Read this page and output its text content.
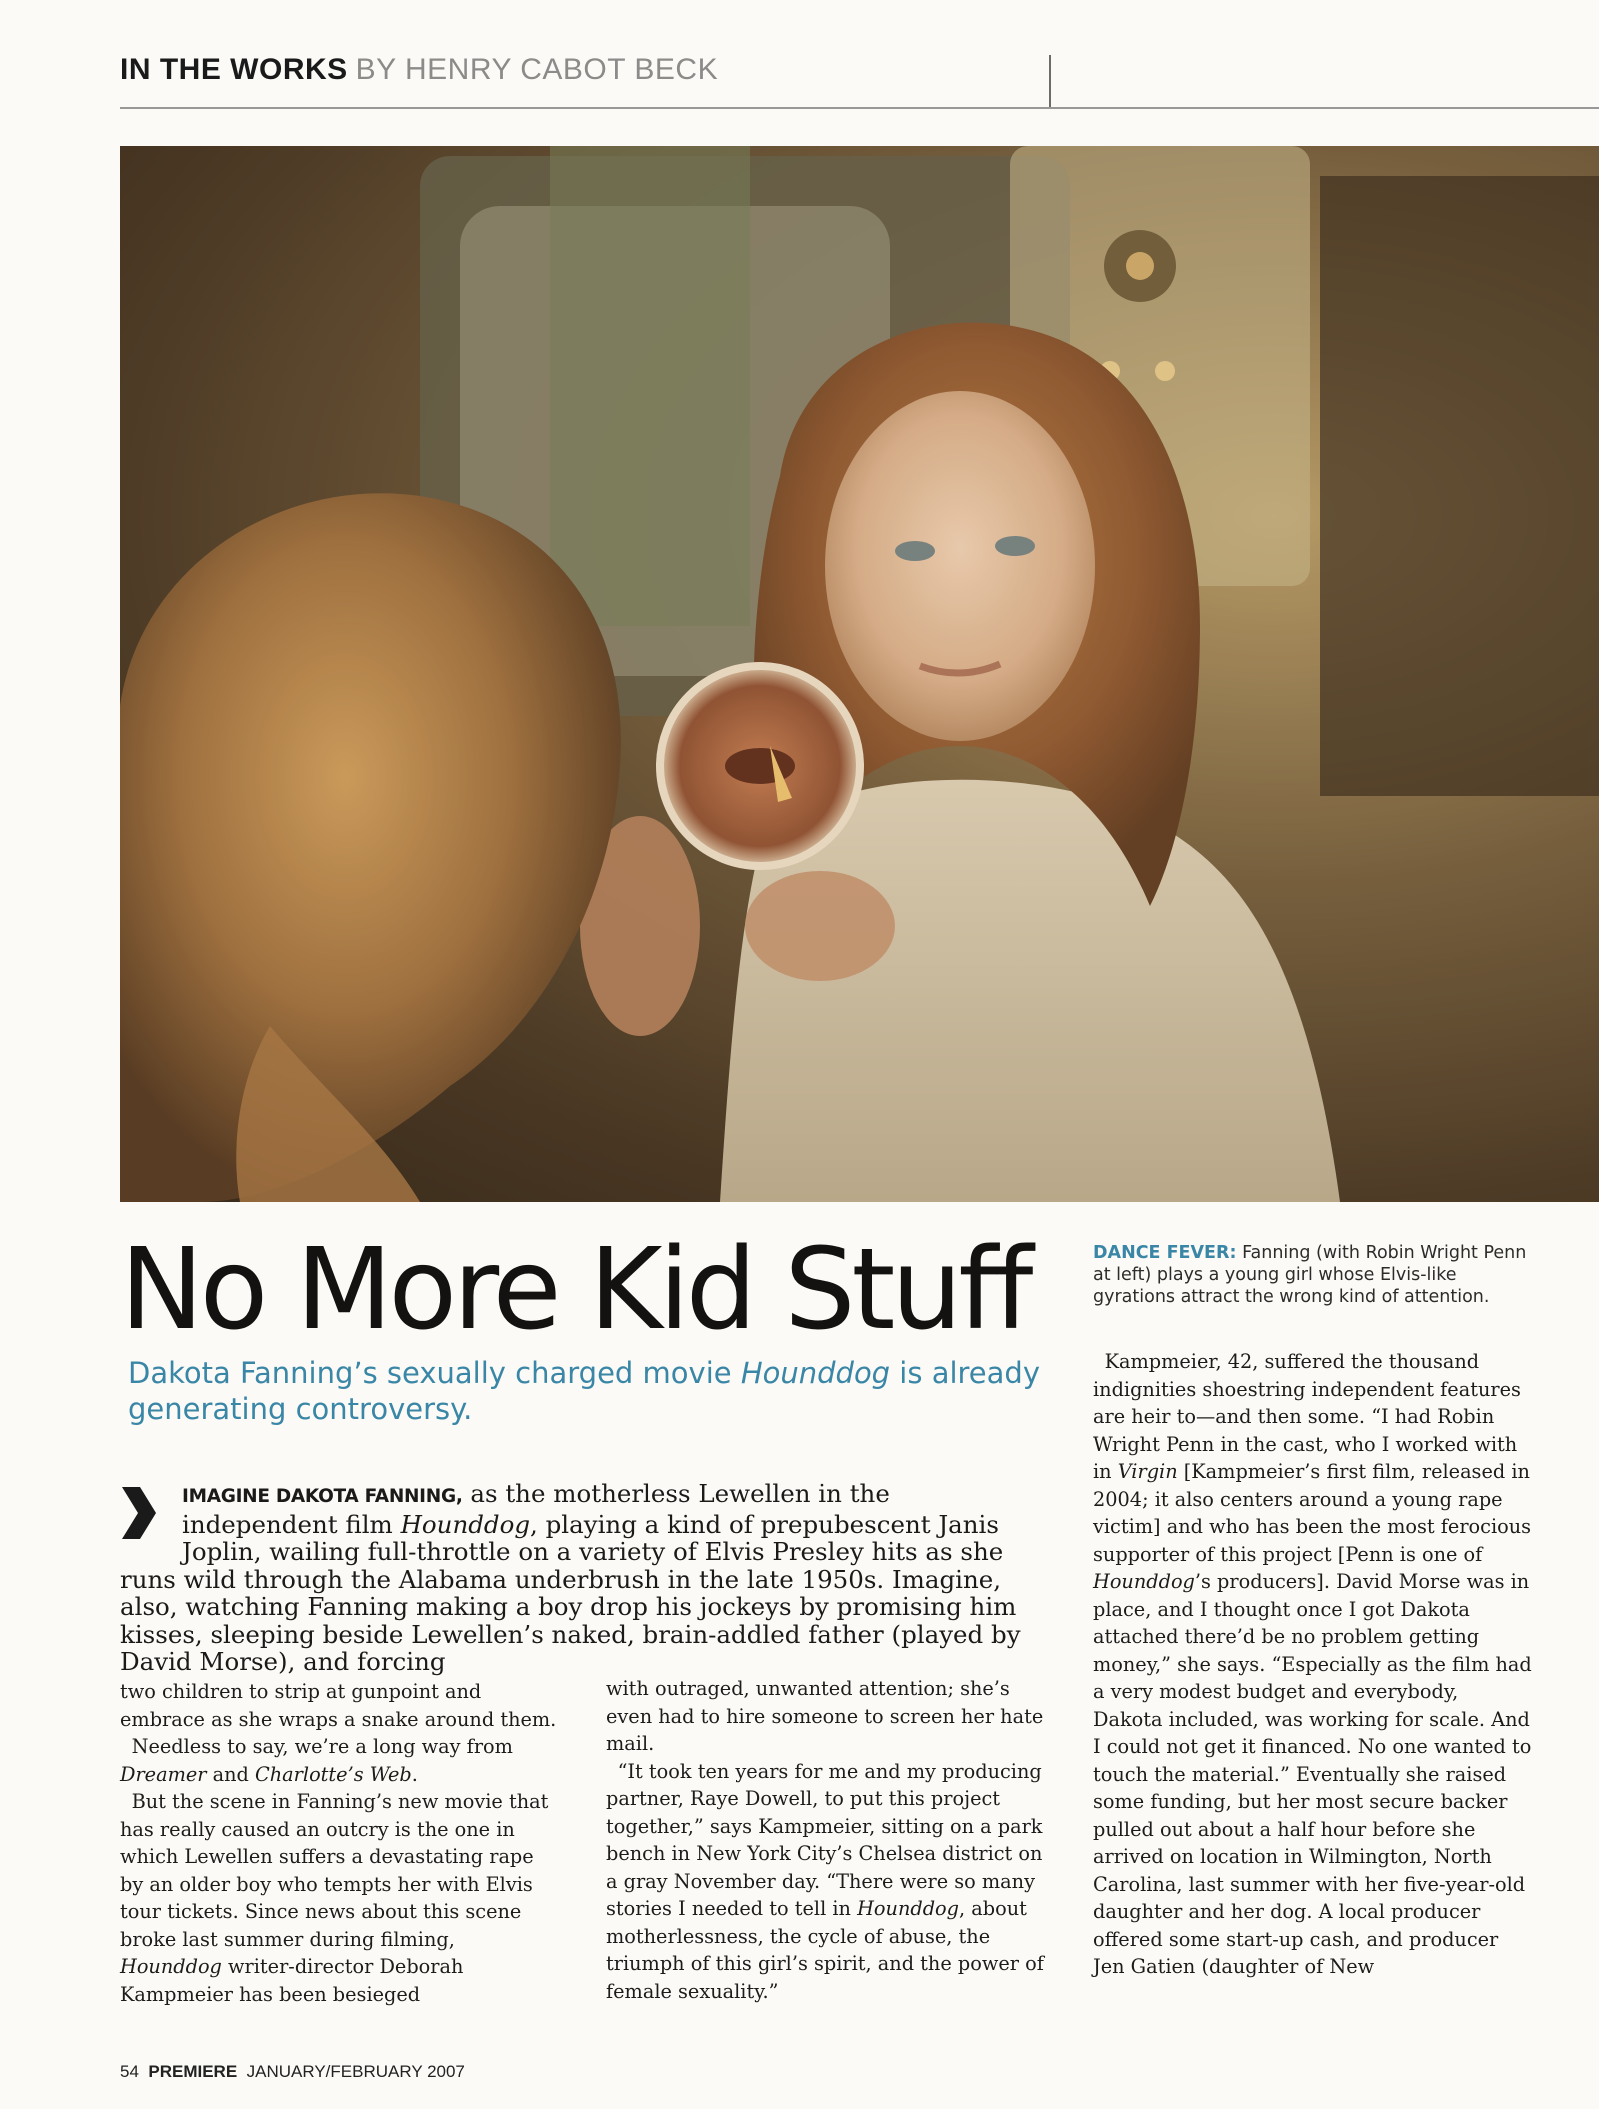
IN THE WORKS BY HENRY CABOT BECK
No More Kid Stuff
Dakota Fanning’s sexually charged movie Hounddog is already generating controversy.
DANCE FEVER: Fanning (with Robin Wright Penn at left) plays a young girl whose Elvis-like gyrations attract the wrong kind of attention.
IMAGINE DAKOTA FANNING, as the motherless Lewellen in the independent film Hounddog, playing a kind of prepubescent Janis Joplin, wailing full-throttle on a variety of Elvis Presley hits as she runs wild through the Alabama underbrush in the late 1950s. Imagine, also, watching Fanning making a boy drop his jockeys by promising him kisses, sleeping beside Lewellen’s naked, brain-addled father (played by David Morse), and forcing

two children to strip at gunpoint and embrace as she wraps a snake around them.

Needless to say, we’re a long way from Dreamer and Charlotte’s Web.

But the scene in Fanning’s new movie that has really caused an outcry is the one in which Lewellen suffers a devastating rape by an older boy who tempts her with Elvis tour tickets. Since news about this scene broke last summer during filming, Hounddog writer-director Deborah Kampmeier has been besieged

with outraged, unwanted attention; she’s even had to hire someone to screen her hate mail.

“It took ten years for me and my producing partner, Raye Dowell, to put this project together,” says Kampmeier, sitting on a park bench in New York City’s Chelsea district on a gray November day. “There were so many stories I needed to tell in Hounddog, about motherlessness, the cycle of abuse, the triumph of this girl’s spirit, and the power of female sexuality.”

Kampmeier, 42, suffered the thousand indignities shoestring independent features are heir to—and then some. “I had Robin Wright Penn in the cast, who I worked with in Virgin [Kampmeier’s first film, released in 2004; it also centers around a young rape victim] and who has been the most ferocious supporter of this project [Penn is one of Hounddog’s producers]. David Morse was in place, and I thought once I got Dakota attached there’d be no problem getting money,” she says. “Especially as the film had a very modest budget and everybody, Dakota included, was working for scale. And I could not get it financed. No one wanted to touch the material.” Eventually she raised some funding, but her most secure backer pulled out about a half hour before she arrived on location in Wilmington, North Carolina, last summer with her five-year-old daughter and her dog. A local producer offered some start-up cash, and producer Jen Gatien (daughter of New

54 PREMIERE JANUARY/FEBRUARY 2007
